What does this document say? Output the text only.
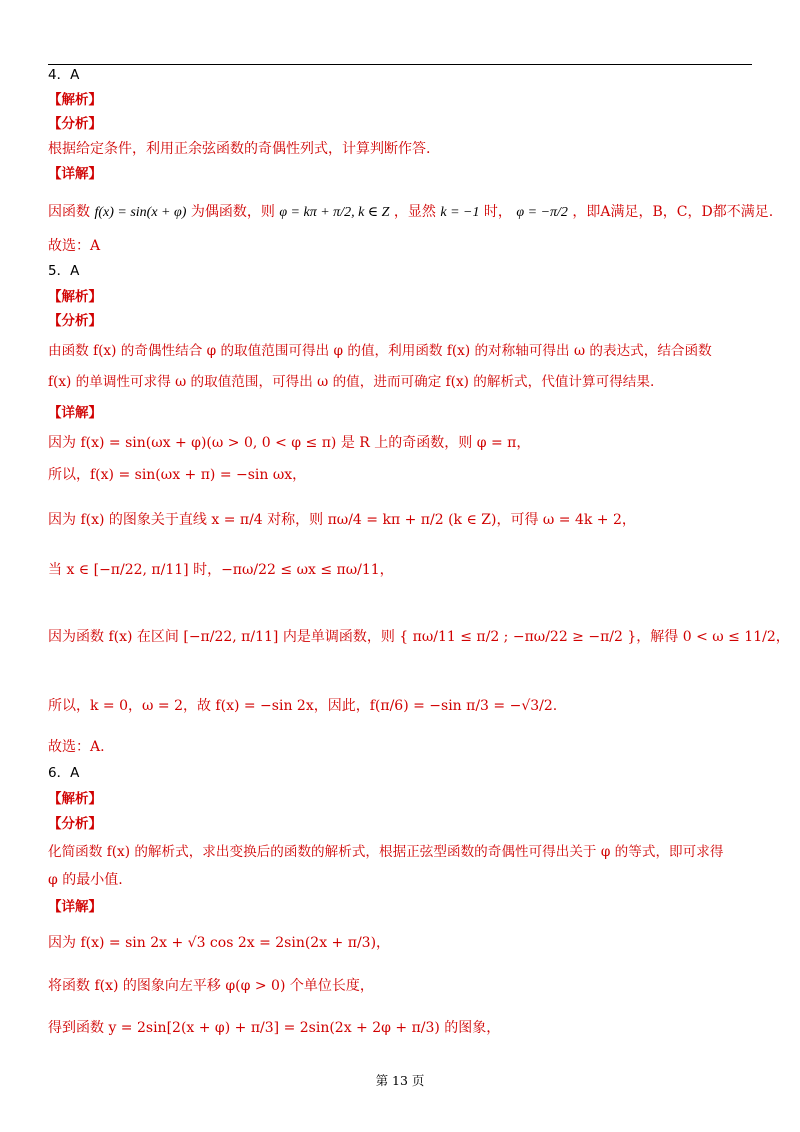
4．A
【解析】
【分析】
根据给定条件，利用正余弦函数的奇偶性列式，计算判断作答.
【详解】
因函数 f(x) = sin(x + φ) 为偶函数，则 φ = kπ + π/2, k ∈ Z ，显然 k = −1 时， φ = −π/2 ，即A满足，B，C，D都不满足.
故选：A
5．A
【解析】
【分析】
由函数 f(x) 的奇偶性结合 φ 的取值范围可得出 φ 的值，利用函数 f(x) 的对称轴可得出 ω 的表达式，结合函数
f(x) 的单调性可求得 ω 的取值范围，可得出 ω 的值，进而可确定 f(x) 的解析式，代值计算可得结果.
【详解】
因为 f(x) = sin(ωx + φ)(ω > 0, 0 < φ ≤ π) 是 R 上的奇函数，则 φ = π，
所以，f(x) = sin(ωx + π) = −sin ωx，
因为 f(x) 的图象关于直线 x = π/4 对称，则 πω/4 = kπ + π/2 (k ∈ Z)，可得 ω = 4k + 2，
当 x ∈ [−π/22, π/11] 时，−πω/22 ≤ ωx ≤ πω/11，
因为函数 f(x) 在区间 [−π/22, π/11] 内是单调函数，则 { πω/11 ≤ π/2 ; −πω/22 ≥ −π/2 }，解得 0 < ω ≤ 11/2，
所以，k = 0，ω = 2，故 f(x) = −sin 2x，因此，f(π/6) = −sin π/3 = −√3/2.
故选：A.
6．A
【解析】
【分析】
化简函数 f(x) 的解析式，求出变换后的函数的解析式，根据正弦型函数的奇偶性可得出关于 φ 的等式，即可求得
φ 的最小值.
【详解】
因为 f(x) = sin 2x + √3 cos 2x = 2sin(2x + π/3)，
将函数 f(x) 的图象向左平移 φ(φ > 0) 个单位长度，
得到函数 y = 2sin[2(x + φ) + π/3] = 2sin(2x + 2φ + π/3) 的图象，
第 13 页
